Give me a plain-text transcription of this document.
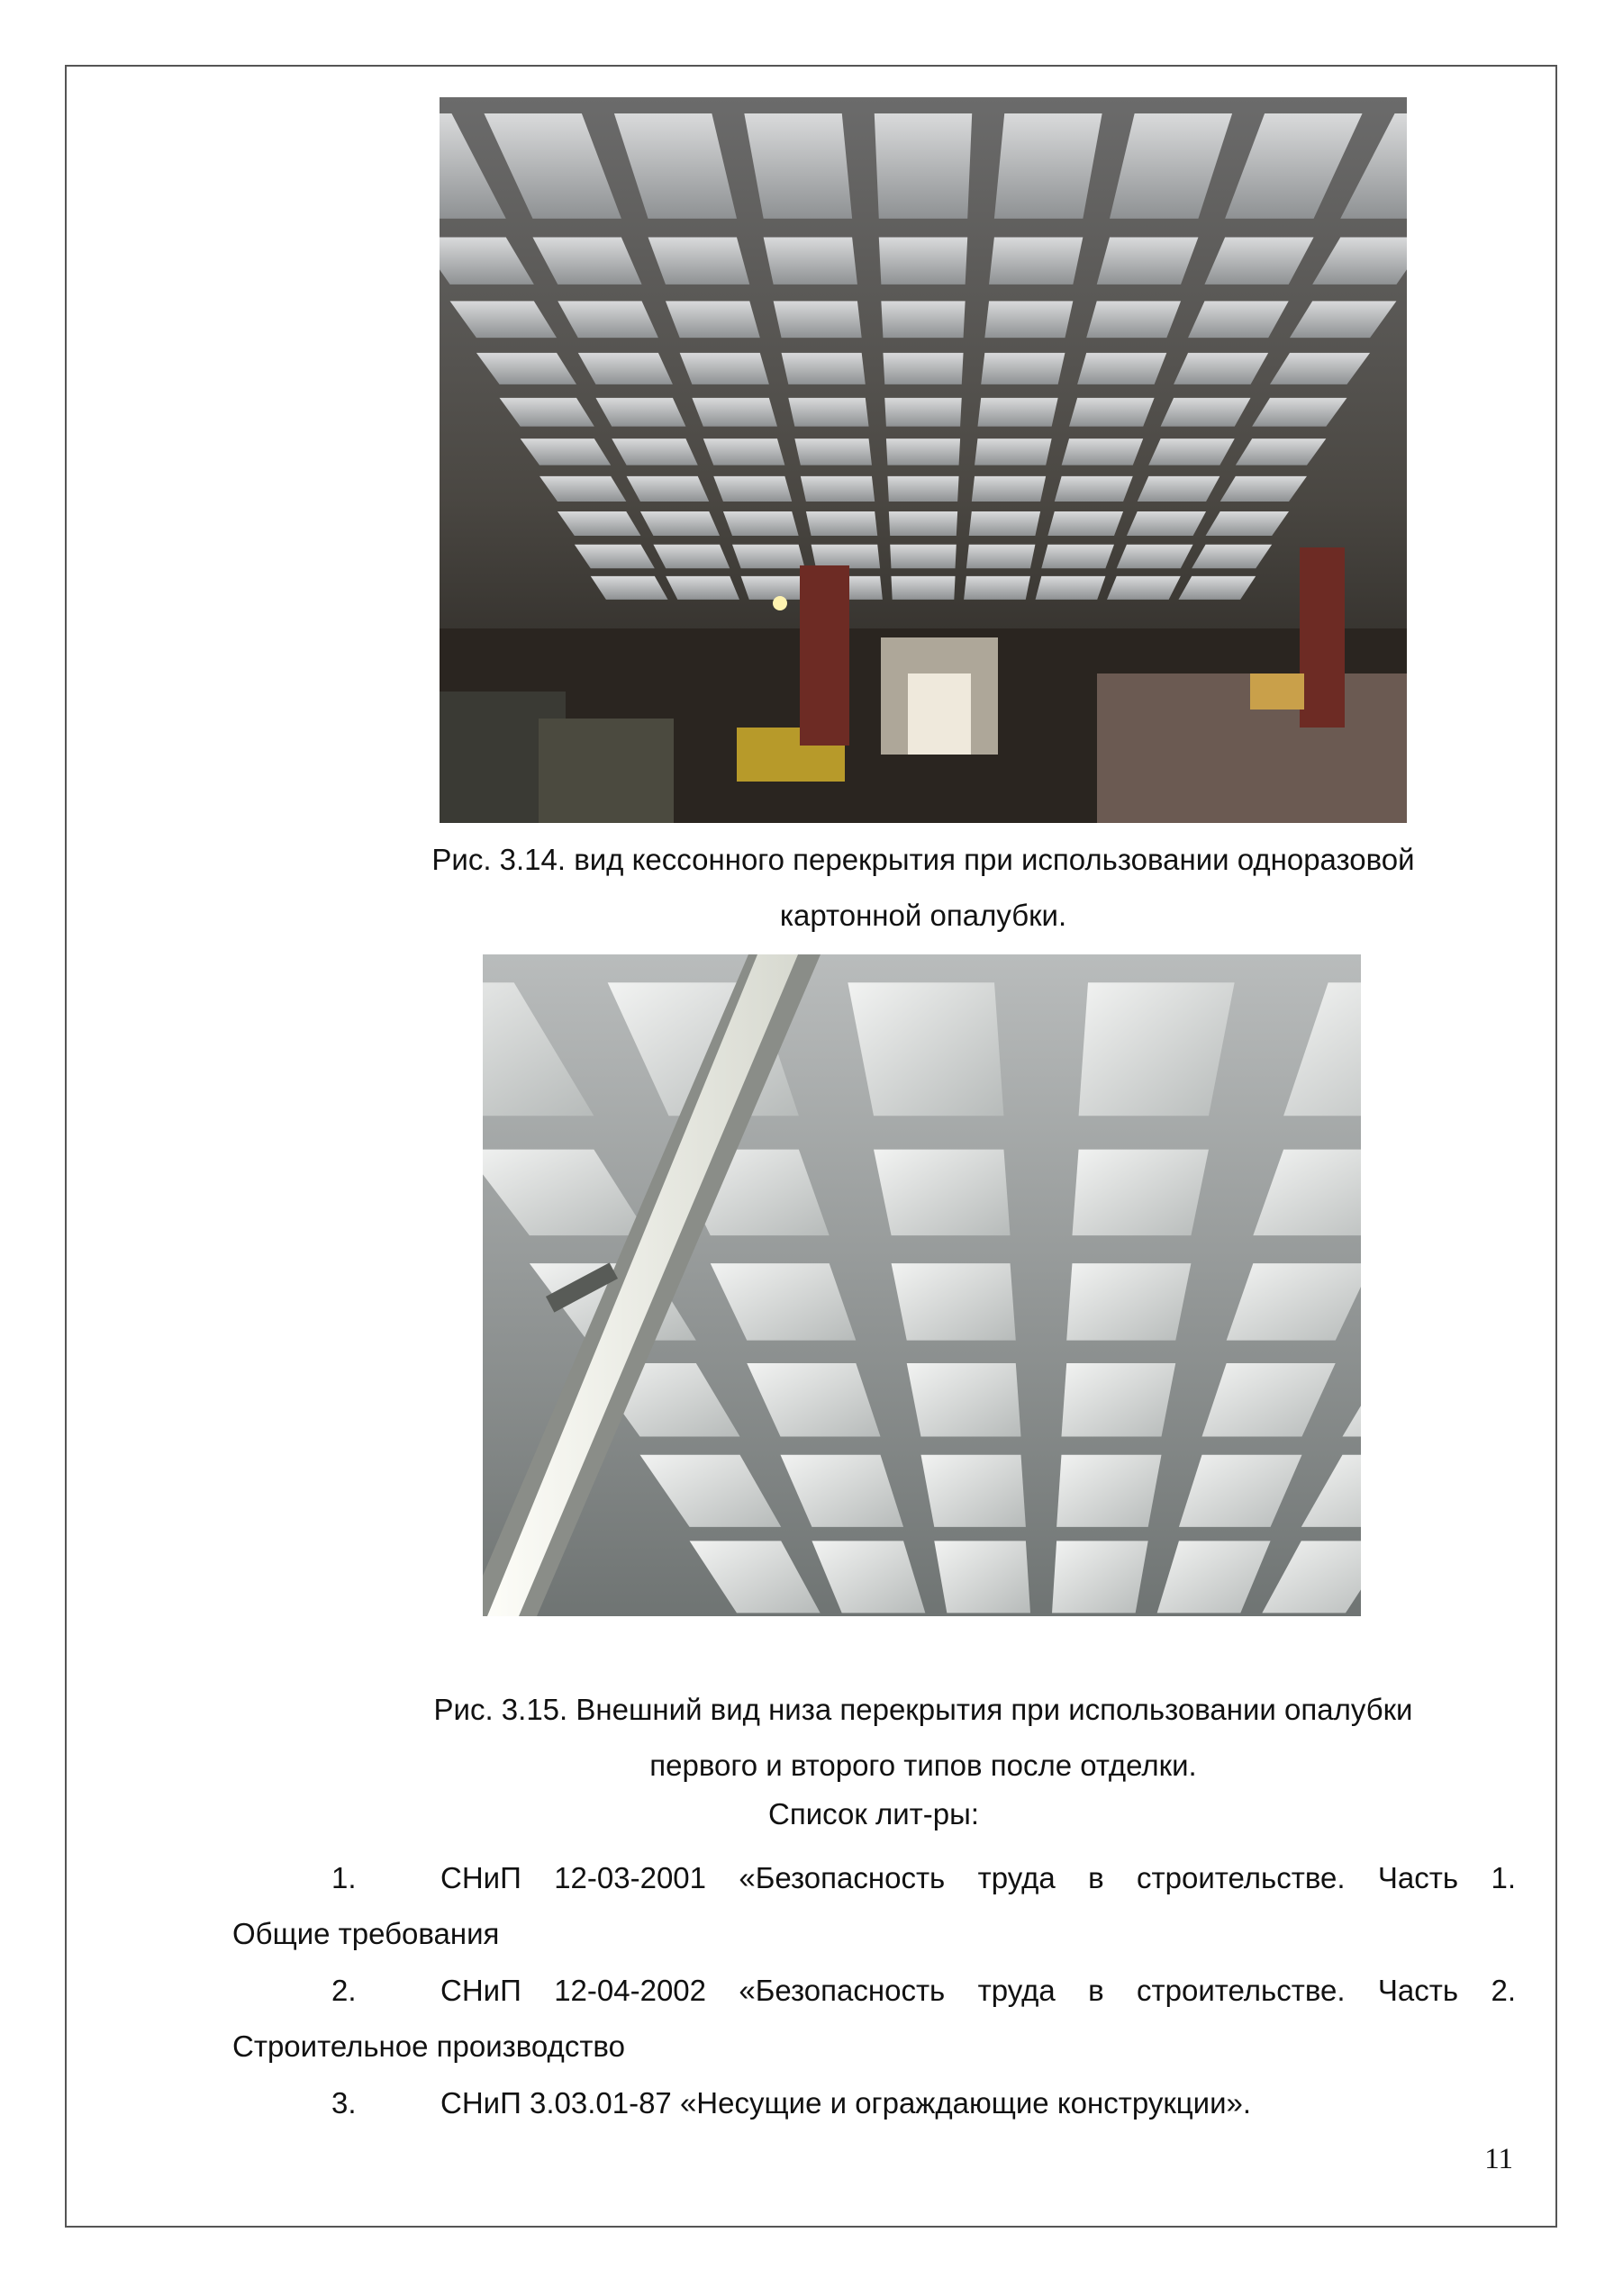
Рис. 3.14. вид кессонного перекрытия при использовании одноразовой
картонной опалубки.
Рис. 3.15. Внешний вид низа перекрытия при использовании опалубки
первого и второго типов после отделки.
Список лит-ры:
1.	СНиП 12-03-2001 «Безопасность труда в строительстве. Часть 1.
Общие требования
2.	СНиП 12-04-2002 «Безопасность труда в строительстве. Часть 2.
Строительное производство
3.	СНиП 3.03.01-87 «Несущие и ограждающие конструкции».
11
